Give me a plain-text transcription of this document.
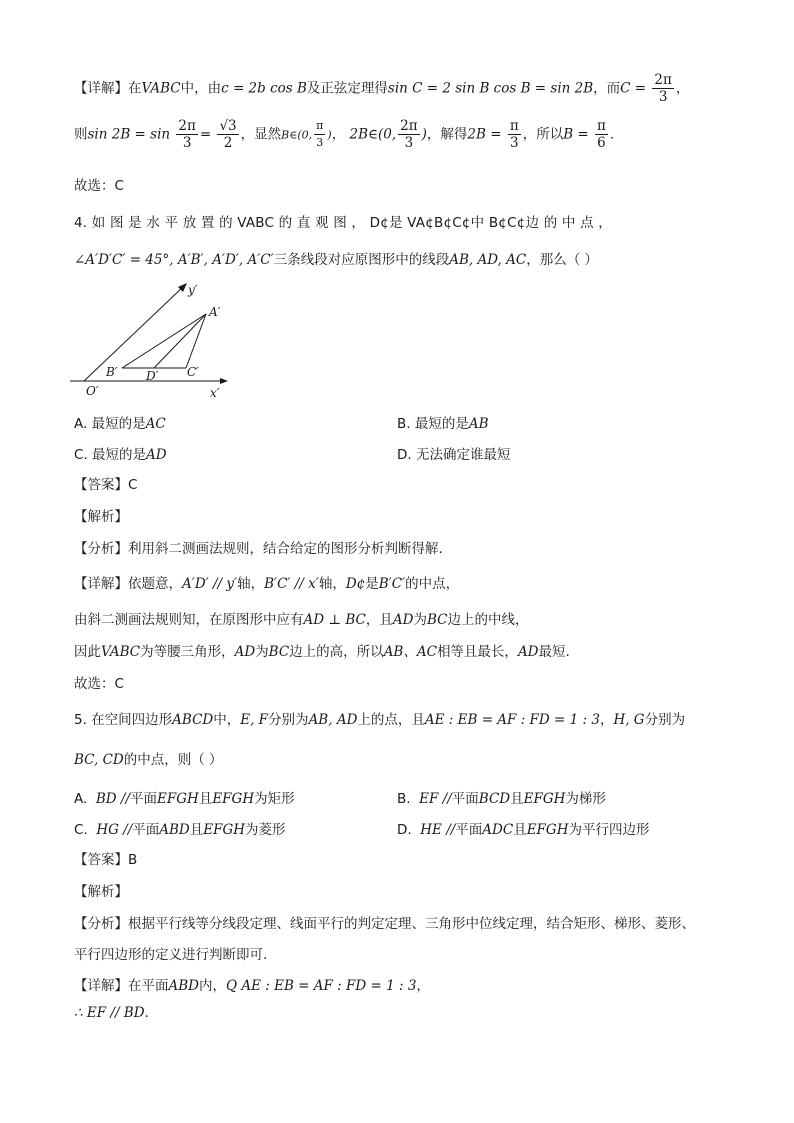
【详解】在VABC中，由c = 2b cos B及正弦定理得sin C = 2 sin B cos B = sin 2B，而$C = \frac{2\pi}{3}$ ，
则$\sin 2B = \sin \frac{2\pi}{3} = \frac{√3}{2}$ ，显然B∈(0, $\frac{\pi}{3}$ )， 2B∈(0, $\frac{2\pi}{3}$ )，解得$2B = \frac{\pi}{3}$ ，所以$B = \frac{\pi}{6}$ .
故选：C
4. 如 图 是 水 平 放 置 的 VABC 的 直 观 图 ， D¢是 VA¢B¢C¢中 B¢C¢边 的 中 点 ，
∠A′D′C′ = 45°, A′B′, A′D′, A′C′三条线段对应原图形中的线段AB, AD, AC，那么（ ）
y′
A′
B′ D′ C′
O′	x′
A. 最短的是AC	B. 最短的是AB
C. 最短的是AD	D. 无法确定谁最短
【答案】C
【解析】
【分析】利用斜二测画法规则，结合给定的图形分析判断得解.
【详解】依题意，A′D′ // y′轴，B′C′ // x′轴，D¢是B′C′的中点，
由斜二测画法规则知，在原图形中应有AD ⊥ BC，且AD为BC边上的中线，
因此VABC为等腰三角形，AD为BC边上的高，所以AB、AC相等且最长，AD最短.
故选：C
5. 在空间四边形ABCD中，E, F分别为AB, AD上的点，且AE : EB = AF : FD = 1 : 3，H, G分别为
BC, CD的中点，则（ ）
A. BD //平面EFGH且EFGH为矩形	B. EF //平面BCD且EFGH为梯形
C. HG //平面ABD且EFGH为菱形	D. HE //平面ADC且EFGH为平行四边形
【答案】B
【解析】
【分析】根据平行线等分线段定理、线面平行的判定定理、三角形中位线定理，结合矩形、梯形、菱形、
平行四边形的定义进行判断即可.
【详解】在平面ABD内，Q AE : EB = AF : FD = 1 : 3，
∴ EF // BD.
